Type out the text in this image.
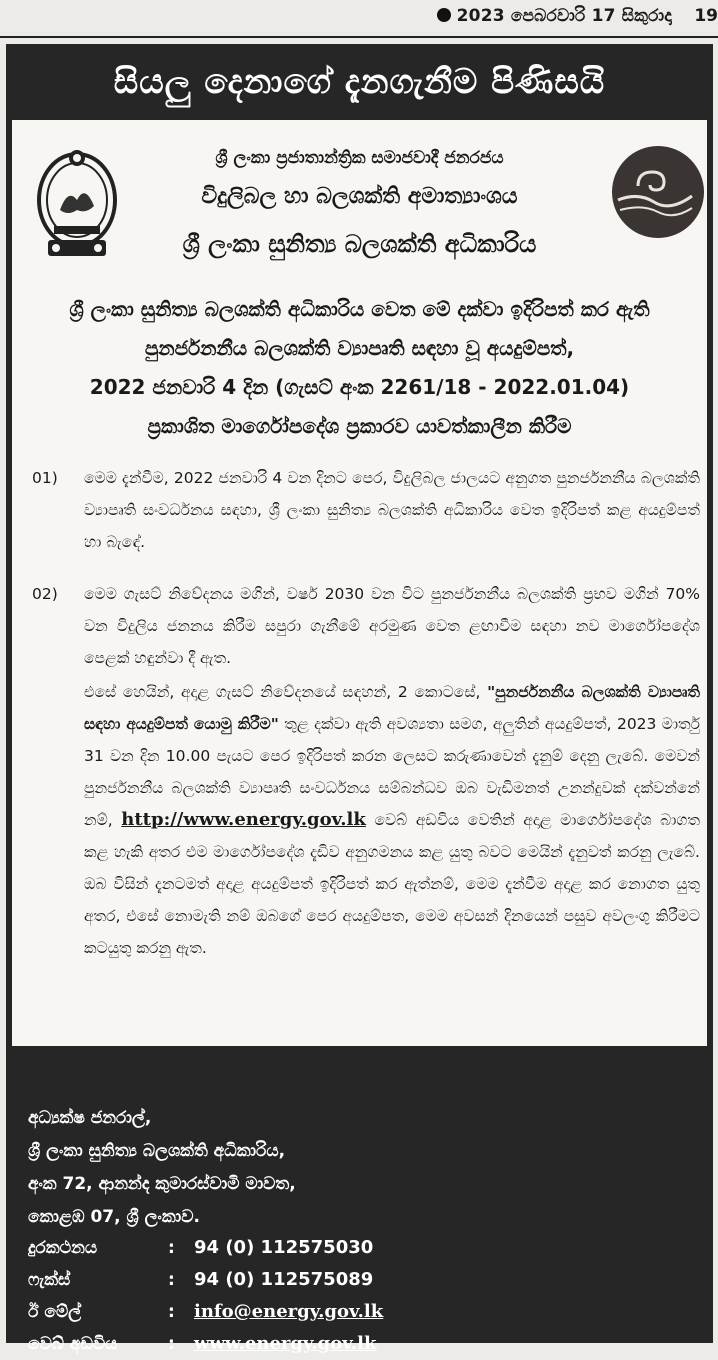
2023 පෙබරවාරි 17 සිකුරාදා 19
සියලු දෙනාගේ දැනගැනීම පිණිසයි
ශ්‍රී ලංකා ප්‍රජාතාන්ත්‍රික සමාජවාදී ජනරජය
විදුලිබල හා බලශක්ති අමාත්‍යාංශය
ශ්‍රී ලංකා සුනිත්‍ය බලශක්ති අධිකාරිය
ශ්‍රී ලංකා සුනිත්‍ය බලශක්ති අධිකාරිය වෙත මේ දක්වා ඉදිරිපත් කර ඇති
පුනර්ජනනීය බලශක්ති ව්‍යාපෘති සඳහා වූ අයදුම්පත්,
2022 ජනවාරි 4 දින (ගැසට් අංක 2261/18 - 2022.01.04)
ප්‍රකාශිත මාර්ගෝපදේශ ප්‍රකාරව යාවත්කාලීන කිරීම
01)	මෙම දැන්වීම, 2022 ජනවාරි 4 වන දිනට පෙර, විදුලිබල ජාලයට අනුගත පුනර්ජනනීය බලශක්ති ව්‍යාපෘති සංවර්ධනය සඳහා, ශ්‍රී ලංකා සුනිත්‍ය බලශක්ති අධිකාරිය වෙත ඉදිරිපත් කළ අයදුම්පත් හා බැඳේ.
02)	මෙම ගැසට් නිවේදනය මගින්, වර්ෂ 2030 වන විට පුනර්ජනනීය බලශක්ති ප්‍රභව මගින් 70% වන විදුලිය ජනනය කිරීම සපුරා ගැනීමේ අරමුණ වෙත ළඟාවීම සඳහා නව මාර්ගෝපදේශ පෙළක් හඳුන්වා දී ඇත.
එසේ හෙයින්, අදාළ ගැසට් නිවේදනයේ සඳහන්, 2 කොටසේ, "පුනර්ජනනීය බලශක්ති ව්‍යාපෘති සඳහා අයදුම්පත් යොමු කිරීම" තුළ දක්වා ඇති අවශ්‍යතා සමග, අලුතින් අයදුම්පත්, 2023 මාර්තු 31 වන දින 10.00 පැයට පෙර ඉදිරිපත් කරන ලෙසට කරුණාවෙන් දැනුම් දෙනු ලැබේ. මෙවන් පුනර්ජනනීය බලශක්ති ව්‍යාපෘති සංවර්ධනය සම්බන්ධව ඔබ වැඩිමනත් උනන්දුවක් දක්වන්නේ නම්, http://www.energy.gov.lk වෙබ් අඩවිය වෙතින් අදාළ මාර්ගෝපදේශ බාගත කළ හැකි අතර එම මාර්ගෝපදේශ දැඩිව අනුගමනය කළ යුතු බවට මෙයින් දැනුවත් කරනු ලැබේ. ඔබ විසින් දැනටමත් අදාළ අයදුම්පත් ඉදිරිපත් කර ඇත්නම්, මෙම දැන්වීම අදාළ කර නොගත යුතු අතර, එසේ නොමැති නම් ඔබගේ පෙර අයදුම්පත, මෙම අවසන් දිනයෙන් පසුව අවලංගු කිරීමට කටයුතු කරනු ඇත.
අධ්‍යක්ෂ ජනරාල්,
ශ්‍රී ලංකා සුනිත්‍ය බලශක්ති අධිකාරිය,
අංක 72, ආනන්ද කුමාරස්වාමි මාවත,
කොළඹ 07, ශ්‍රී ලංකාව.
දුරකථනය	: 94 (0) 112575030
ෆැක්ස්	: 94 (0) 112575089
ඊ මේල්	: info@energy.gov.lk
වෙබ් අඩවිය	: www.energy.gov.lk
